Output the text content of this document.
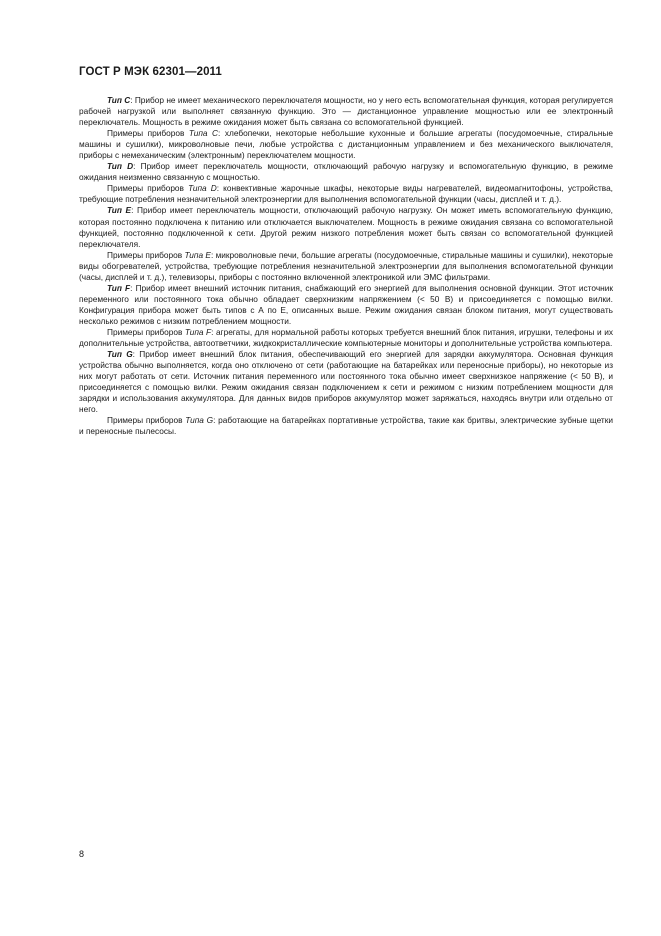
ГОСТ Р МЭК 62301—2011

Тип C: Прибор не имеет механического переключателя мощности, но у него есть вспомогательная функция, которая регулируется рабочей нагрузкой или выполняет связанную функцию. Это — дистанционное управление мощностью или ее электронный переключатель. Мощность в режиме ожидания может быть связана со вспомогательной функцией.

Примеры приборов Типа C: хлебопечки, некоторые небольшие кухонные и большие агрегаты (посудомоечные, стиральные машины и сушилки), микроволновые печи, любые устройства с дистанционным управлением и без механического выключателя, приборы с немеханическим (электронным) переключателем мощности.

Тип D: Прибор имеет переключатель мощности, отключающий рабочую нагрузку и вспомогательную функцию, в режиме ожидания неизменно связанную с мощностью.

Примеры приборов Типа D: конвективные жарочные шкафы, некоторые виды нагревателей, видеомагнитофоны, устройства, требующие потребления незначительной электроэнергии для выполнения вспомогательной функции (часы, дисплей и т. д.).

Тип E: Прибор имеет переключатель мощности, отключающий рабочую нагрузку. Он может иметь вспомогательную функцию, которая постоянно подключена к питанию или отключается выключателем. Мощность в режиме ожидания связана со вспомогательной функцией, постоянно подключенной к сети. Другой режим низкого потребления может быть связан со вспомогательной функцией переключателя.

Примеры приборов Типа E: микроволновые печи, большие агрегаты (посудомоечные, стиральные машины и сушилки), некоторые виды обогревателей, устройства, требующие потребления незначительной электроэнергии для выполнения вспомогательной функции (часы, дисплей и т. д.), телевизоры, приборы с постоянно включенной электроникой или ЭМС фильтрами.

Тип F: Прибор имеет внешний источник питания, снабжающий его энергией для выполнения основной функции. Этот источник переменного или постоянного тока обычно обладает сверхнизким напряжением (< 50 В) и присоединяется с помощью вилки. Конфигурация прибора может быть типов с А по Е, описанных выше. Режим ожидания связан блоком питания, могут существовать несколько режимов с низким потреблением мощности.

Примеры приборов Типа F: агрегаты, для нормальной работы которых требуется внешний блок питания, игрушки, телефоны и их дополнительные устройства, автоответчики, жидкокристаллические компьютерные мониторы и дополнительные устройства компьютера.

Тип G: Прибор имеет внешний блок питания, обеспечивающий его энергией для зарядки аккумулятора. Основная функция устройства обычно выполняется, когда оно отключено от сети (работающие на батарейках или переносные приборы), но некоторые из них могут работать от сети. Источник питания переменного или постоянного тока обычно имеет сверхнизкое напряжение (< 50 В), и присоединяется с помощью вилки. Режим ожидания связан подключением к сети и режимом с низким потреблением мощности для зарядки и использования аккумулятора. Для данных видов приборов аккумулятор может заряжаться, находясь внутри или отдельно от него.

Примеры приборов Типа G: работающие на батарейках портативные устройства, такие как бритвы, электрические зубные щетки и переносные пылесосы.

8
